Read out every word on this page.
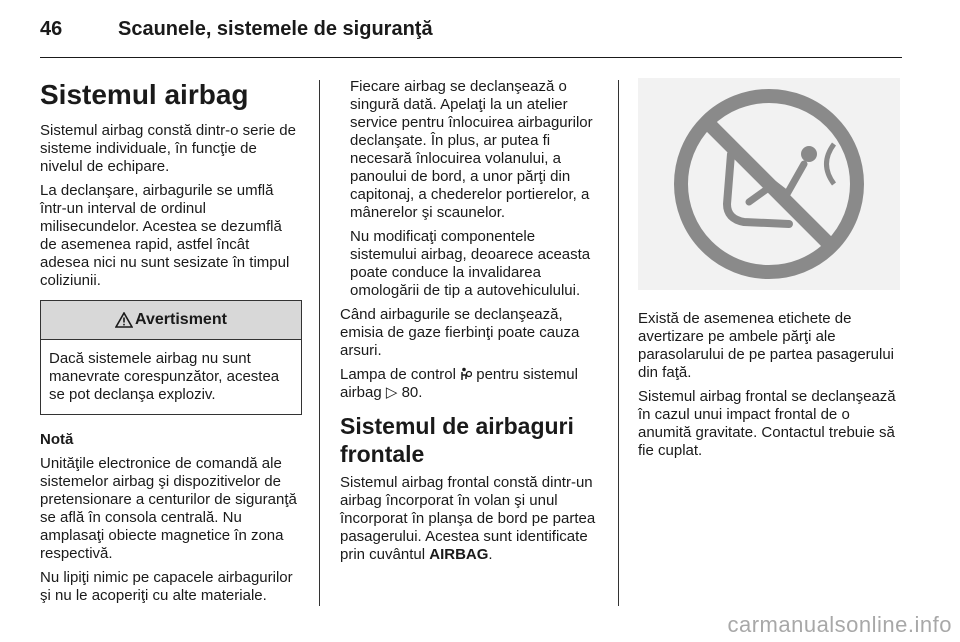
46	Scaunele, sistemele de siguranţă
Sistemul airbag

Sistemul airbag constă dintr-o serie de sisteme individuale, în funcţie de nivelul de echipare.

La declanşare, airbagurile se umflă într-un interval de ordinul milisecundelor. Acestea se dezumflă de asemenea rapid, astfel încât adesea nici nu sunt sesizate în timpul coliziunii.

Avertisment
Dacă sistemele airbag nu sunt manevrate corespunzător, acestea se pot declanşa exploziv.

Notă

Unităţile electronice de comandă ale sistemelor airbag şi dispozitivelor de pretensionare a centurilor de siguranţă se află în consola centrală. Nu amplasaţi obiecte magnetice în zona respectivă.

Nu lipiţi nimic pe capacele airbagurilor şi nu le acoperiţi cu alte materiale.

Fiecare airbag se declanşează o singură dată. Apelaţi la un atelier service pentru înlocuirea airbagurilor declanşate. În plus, ar putea fi necesară înlocuirea volanului, a panoului de bord, a unor părţi din capitonaj, a chederelor portierelor, a mânerelor şi scaunelor.

Nu modificaţi componentele sistemului airbag, deoarece aceasta poate conduce la invalidarea omologării de tip a autovehiculului.

Când airbagurile se declanşează, emisia de gaze fierbinţi poate cauza arsuri.

Lampa de control pentru sistemul airbag ▷ 80.

Sistemul de airbaguri frontale

Sistemul airbag frontal constă dintr-un airbag încorporat în volan şi unul încorporat în planşa de bord pe partea pasagerului. Acestea sunt identificate prin cuvântul AIRBAG.

Există de asemenea etichete de avertizare pe ambele părţi ale parasolarului de pe partea pasagerului din faţă.

Sistemul airbag frontal se declanşează în cazul unui impact frontal de o anumită gravitate. Contactul trebuie să fie cuplat.

carmanualsonline.info
